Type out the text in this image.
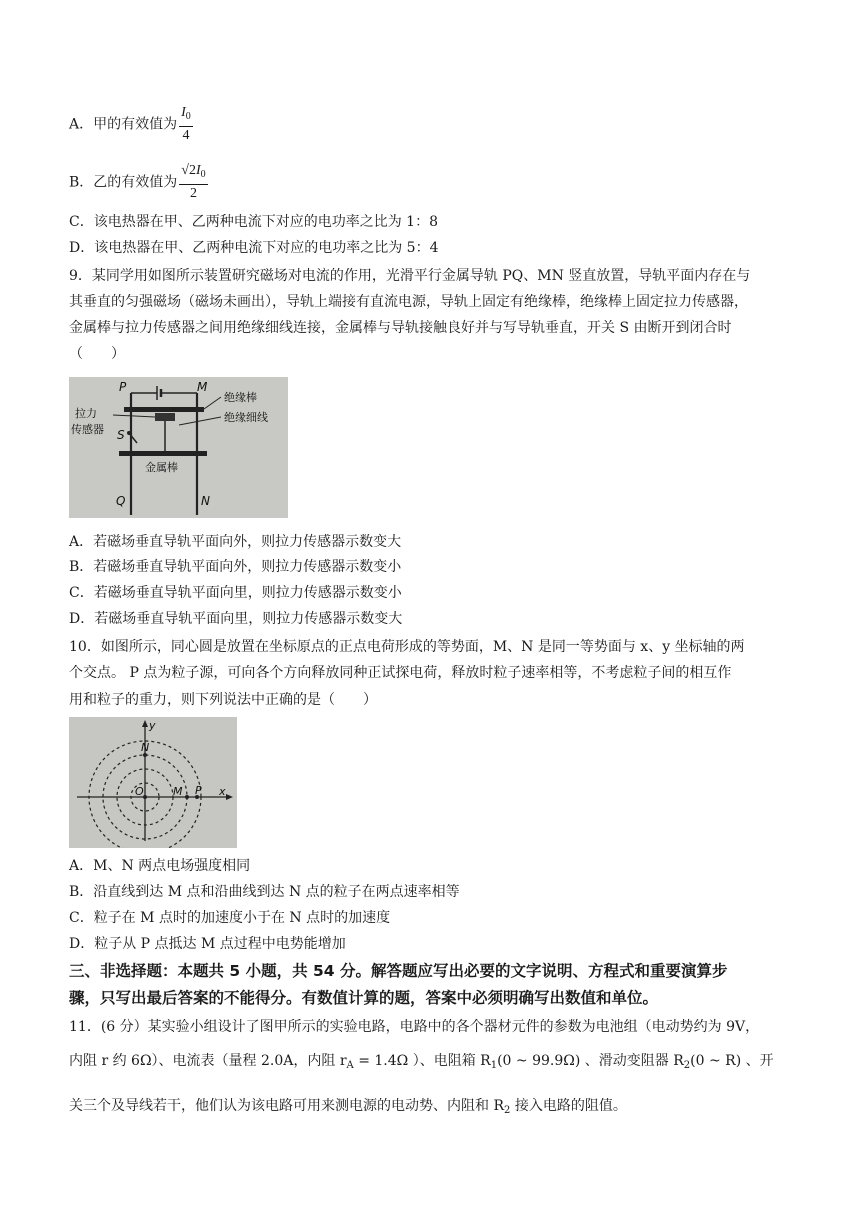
A．甲的有效值为 $\frac{I_0}{4}$
B．乙的有效值为 $\frac{√2I_0}{2}$
C．该电热器在甲、乙两种电流下对应的电功率之比为 1：8
D．该电热器在甲、乙两种电流下对应的电功率之比为 5：4
9．某同学用如图所示装置研究磁场对电流的作用，光滑平行金属导轨 PQ、MN 竖直放置，导轨平面内存在与
其垂直的匀强磁场（磁场未画出），导轨上端接有直流电源，导轨上固定有绝缘棒，绝缘棒上固定拉力传感器，
金属棒与拉力传感器之间用绝缘细线连接，金属棒与导轨接触良好并与写导轨垂直，开关 S 由断开到闭合时
（　　）
P	M
绝缘棒
绝缘细线
拉力
传感器 S
金属棒
Q	N
A．若磁场垂直导轨平面向外，则拉力传感器示数变大
B．若磁场垂直导轨平面向外，则拉力传感器示数变小
C．若磁场垂直导轨平面向里，则拉力传感器示数变小
D．若磁场垂直导轨平面向里，则拉力传感器示数变大
10．如图所示，同心圆是放置在坐标原点的正点电荷形成的等势面，M、N 是同一等势面与 x、y 坐标轴的两
个交点。 P 点为粒子源，可向各个方向释放同种正试探电荷，释放时粒子速率相等，不考虑粒子间的相互作
用和粒子的重力，则下列说法中正确的是（　　）
y
N
O	M P x
A．M、N 两点电场强度相同
B．沿直线到达 M 点和沿曲线到达 N 点的粒子在两点速率相等
C．粒子在 M 点时的加速度小于在 N 点时的加速度
D．粒子从 P 点抵达 M 点过程中电势能增加
三、非选择题：本题共 5 小题，共 54 分。解答题应写出必要的文字说明、方程式和重要演算步
骤，只写出最后答案的不能得分。有数值计算的题，答案中必须明确写出数值和单位。
11．(6 分）某实验小组设计了图甲所示的实验电路，电路中的各个器材元件的参数为电池组（电动势约为 9V，
内阻 r 约 6Ω）、电流表（量程 2.0A，内阻 $r_A = 1.4\Omega$ ）、电阻箱 $R_1(0$ ~ 99.9Ω) 、滑动变阻器 $R_2(0$ ~ R) 、开
关三个及导线若干，他们认为该电路可用来测电源的电动势、内阻和 $R_2$ 接入电路的阻值。
